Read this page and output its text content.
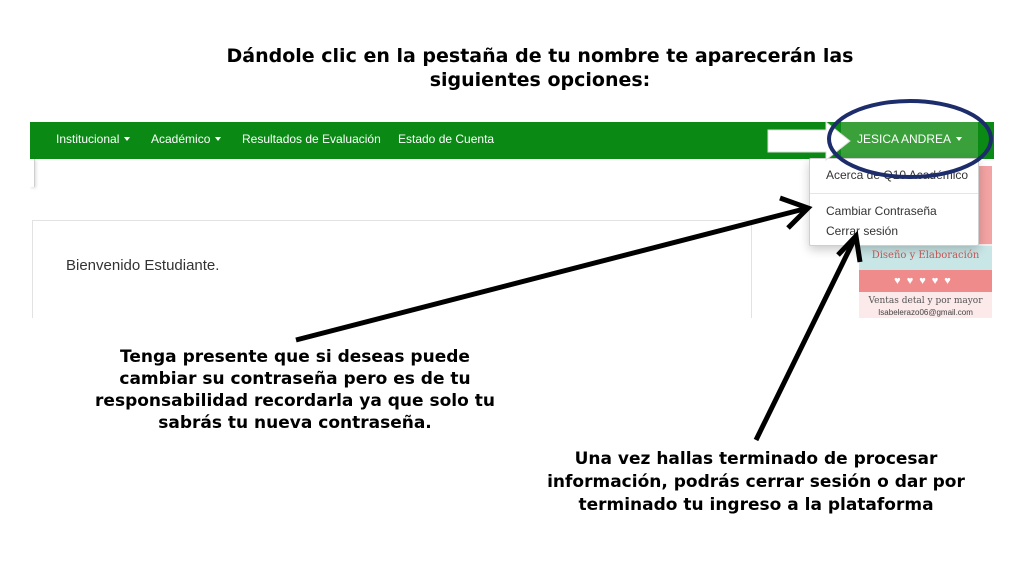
Dándole clic en la pestaña de tu nombre te aparecerán las siguientes opciones:
Institucional	Académico	Resultados de Evaluación Estado de Cuenta	JESICA ANDREA
Bienvenido Estudiante.
Diseño y Elaboración
♥♥♥♥♥
Ventas detal y por mayor
Isabelerazo06@gmail.com
Acerca de Q10 Académico
Cambiar Contraseña
Cerrar sesión
Tenga presente que si deseas puede cambiar su contraseña pero es de tu responsabilidad recordarla ya que solo tu sabrás tu nueva contraseña.
Una vez hallas terminado de procesar información, podrás cerrar sesión o dar por terminado tu ingreso a la plataforma
